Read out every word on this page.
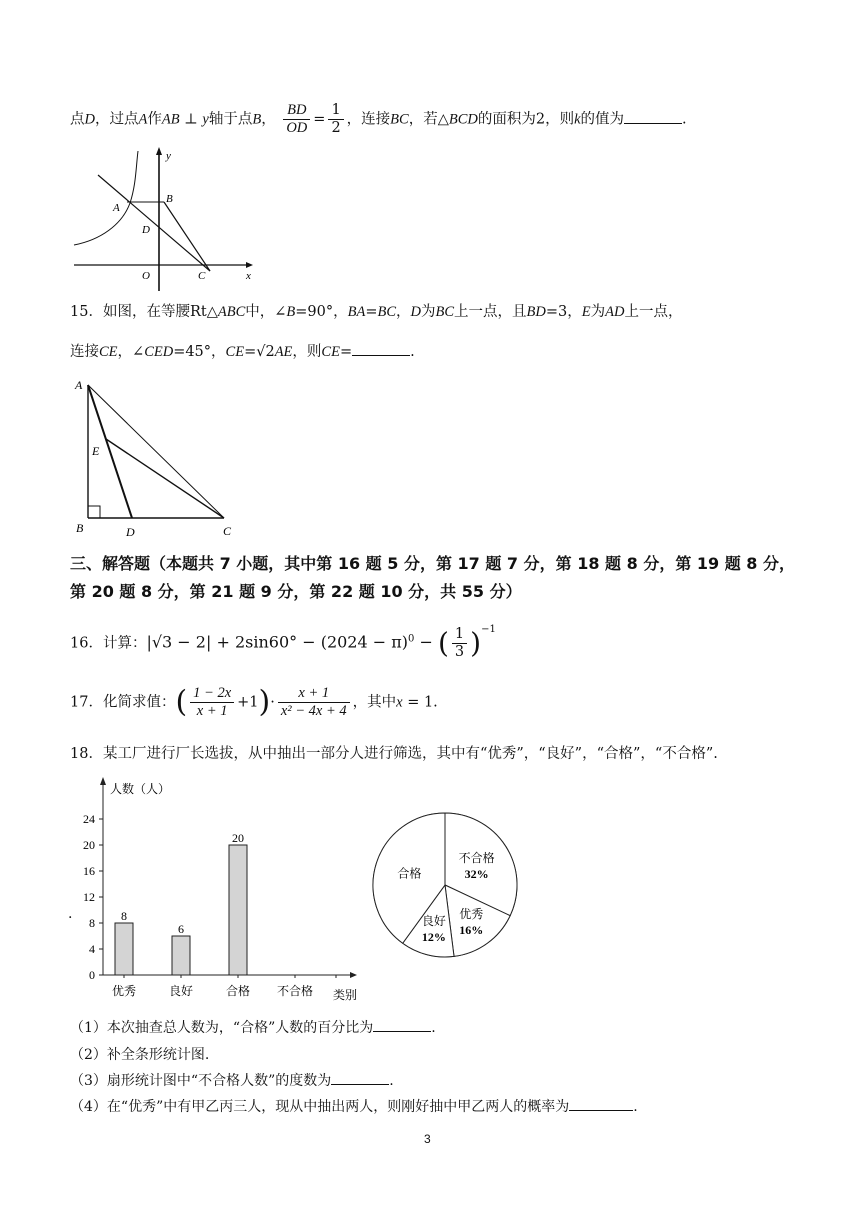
点D，过点A作AB ⊥ y轴于点B， $\frac{BD}{OD} = \frac{1}{2}$ ，连接BC，若△BCD的面积为2，则k的值为	.
y
B
A
D
O	C	x
15．如图，在等腰Rt△ABC中，∠B=90°，BA=BC，D为BC上一点，且BD=3，E为AD上一点，
连接CE，∠CED=45°，CE=√2AE，则CE=	.
A
E
B	D	C
三、解答题（本题共 7 小题，其中第 16 题 5 分，第 17 题 7 分，第 18 题 8 分，第 19 题 8 分，
第 20 题 8 分，第 21 题 9 分，第 22 题 10 分，共 55 分）
16．计算：$|√3 - 2| + 2\sin 60^\circ - (2024 - \pi)^0$ − ( $\frac{1}{3} )^{-1}$
17．化简求值：( $\frac{1 - 2x}{x + 1} +1)\cdot \frac{x + 1}{\text{x² − 4x + 4}}$ ，其中x = 1.
18．某工厂进行厂长选拔，从中抽出一部分人进行筛选，其中有“优秀”，“良好”，“合格”，“不合格”.
人数（人）
类别
0
4
8
12
16
20
24
8
优秀
6
良好
20
合格 不合格
不合格
32%
优秀
16%
良好
12%
合格
.
（1）本次抽查总人数为，“合格”人数的百分比为	.
（2）补全条形统计图.
（3）扇形统计图中“不合格人数”的度数为	.
（4）在“优秀”中有甲乙丙三人，现从中抽出两人，则刚好抽中甲乙两人的概率为	.
3
